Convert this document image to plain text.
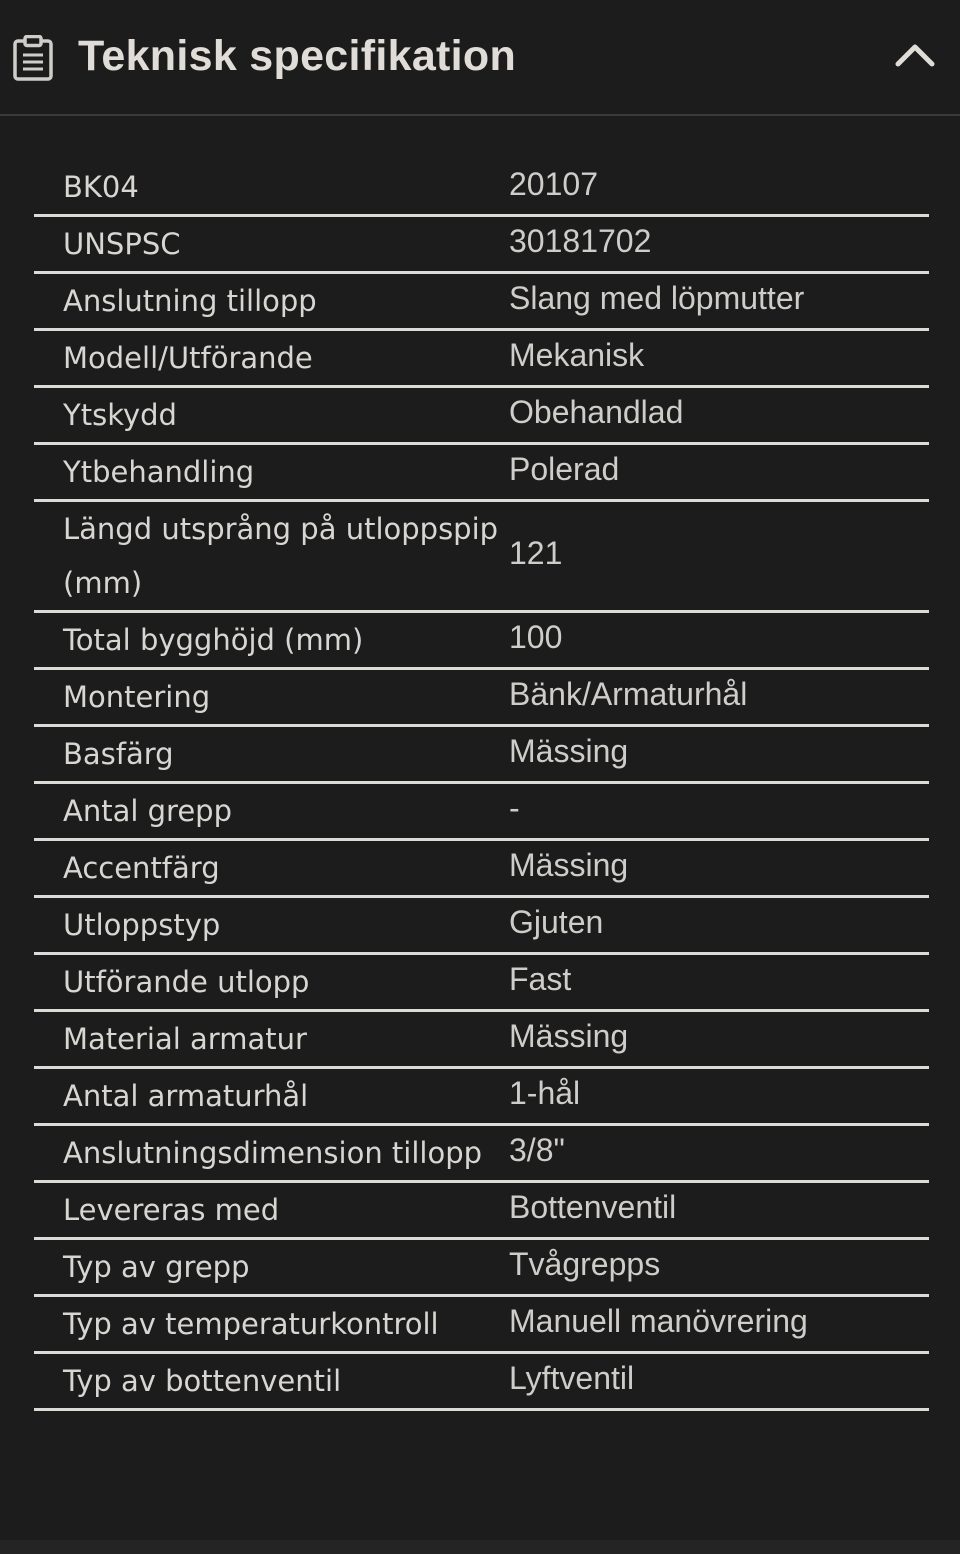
Teknisk specifikation
BK04	20107
UNSPSC	30181702
Anslutning tillopp	Slang med löpmutter
Modell/Utförande	Mekanisk
Ytskydd	Obehandlad
Ytbehandling	Polerad
Längd utsprång på utloppspip (mm)	121
Total bygghöjd (mm)	100
Montering	Bänk/Armaturhål
Basfärg	Mässing
Antal grepp	-
Accentfärg	Mässing
Utloppstyp	Gjuten
Utförande utlopp	Fast
Material armatur	Mässing
Antal armaturhål	1-hål
Anslutningsdimension tillopp	3/8"
Levereras med	Bottenventil
Typ av grepp	Tvågrepps
Typ av temperaturkontroll	Manuell manövrering
Typ av bottenventil	Lyftventil
